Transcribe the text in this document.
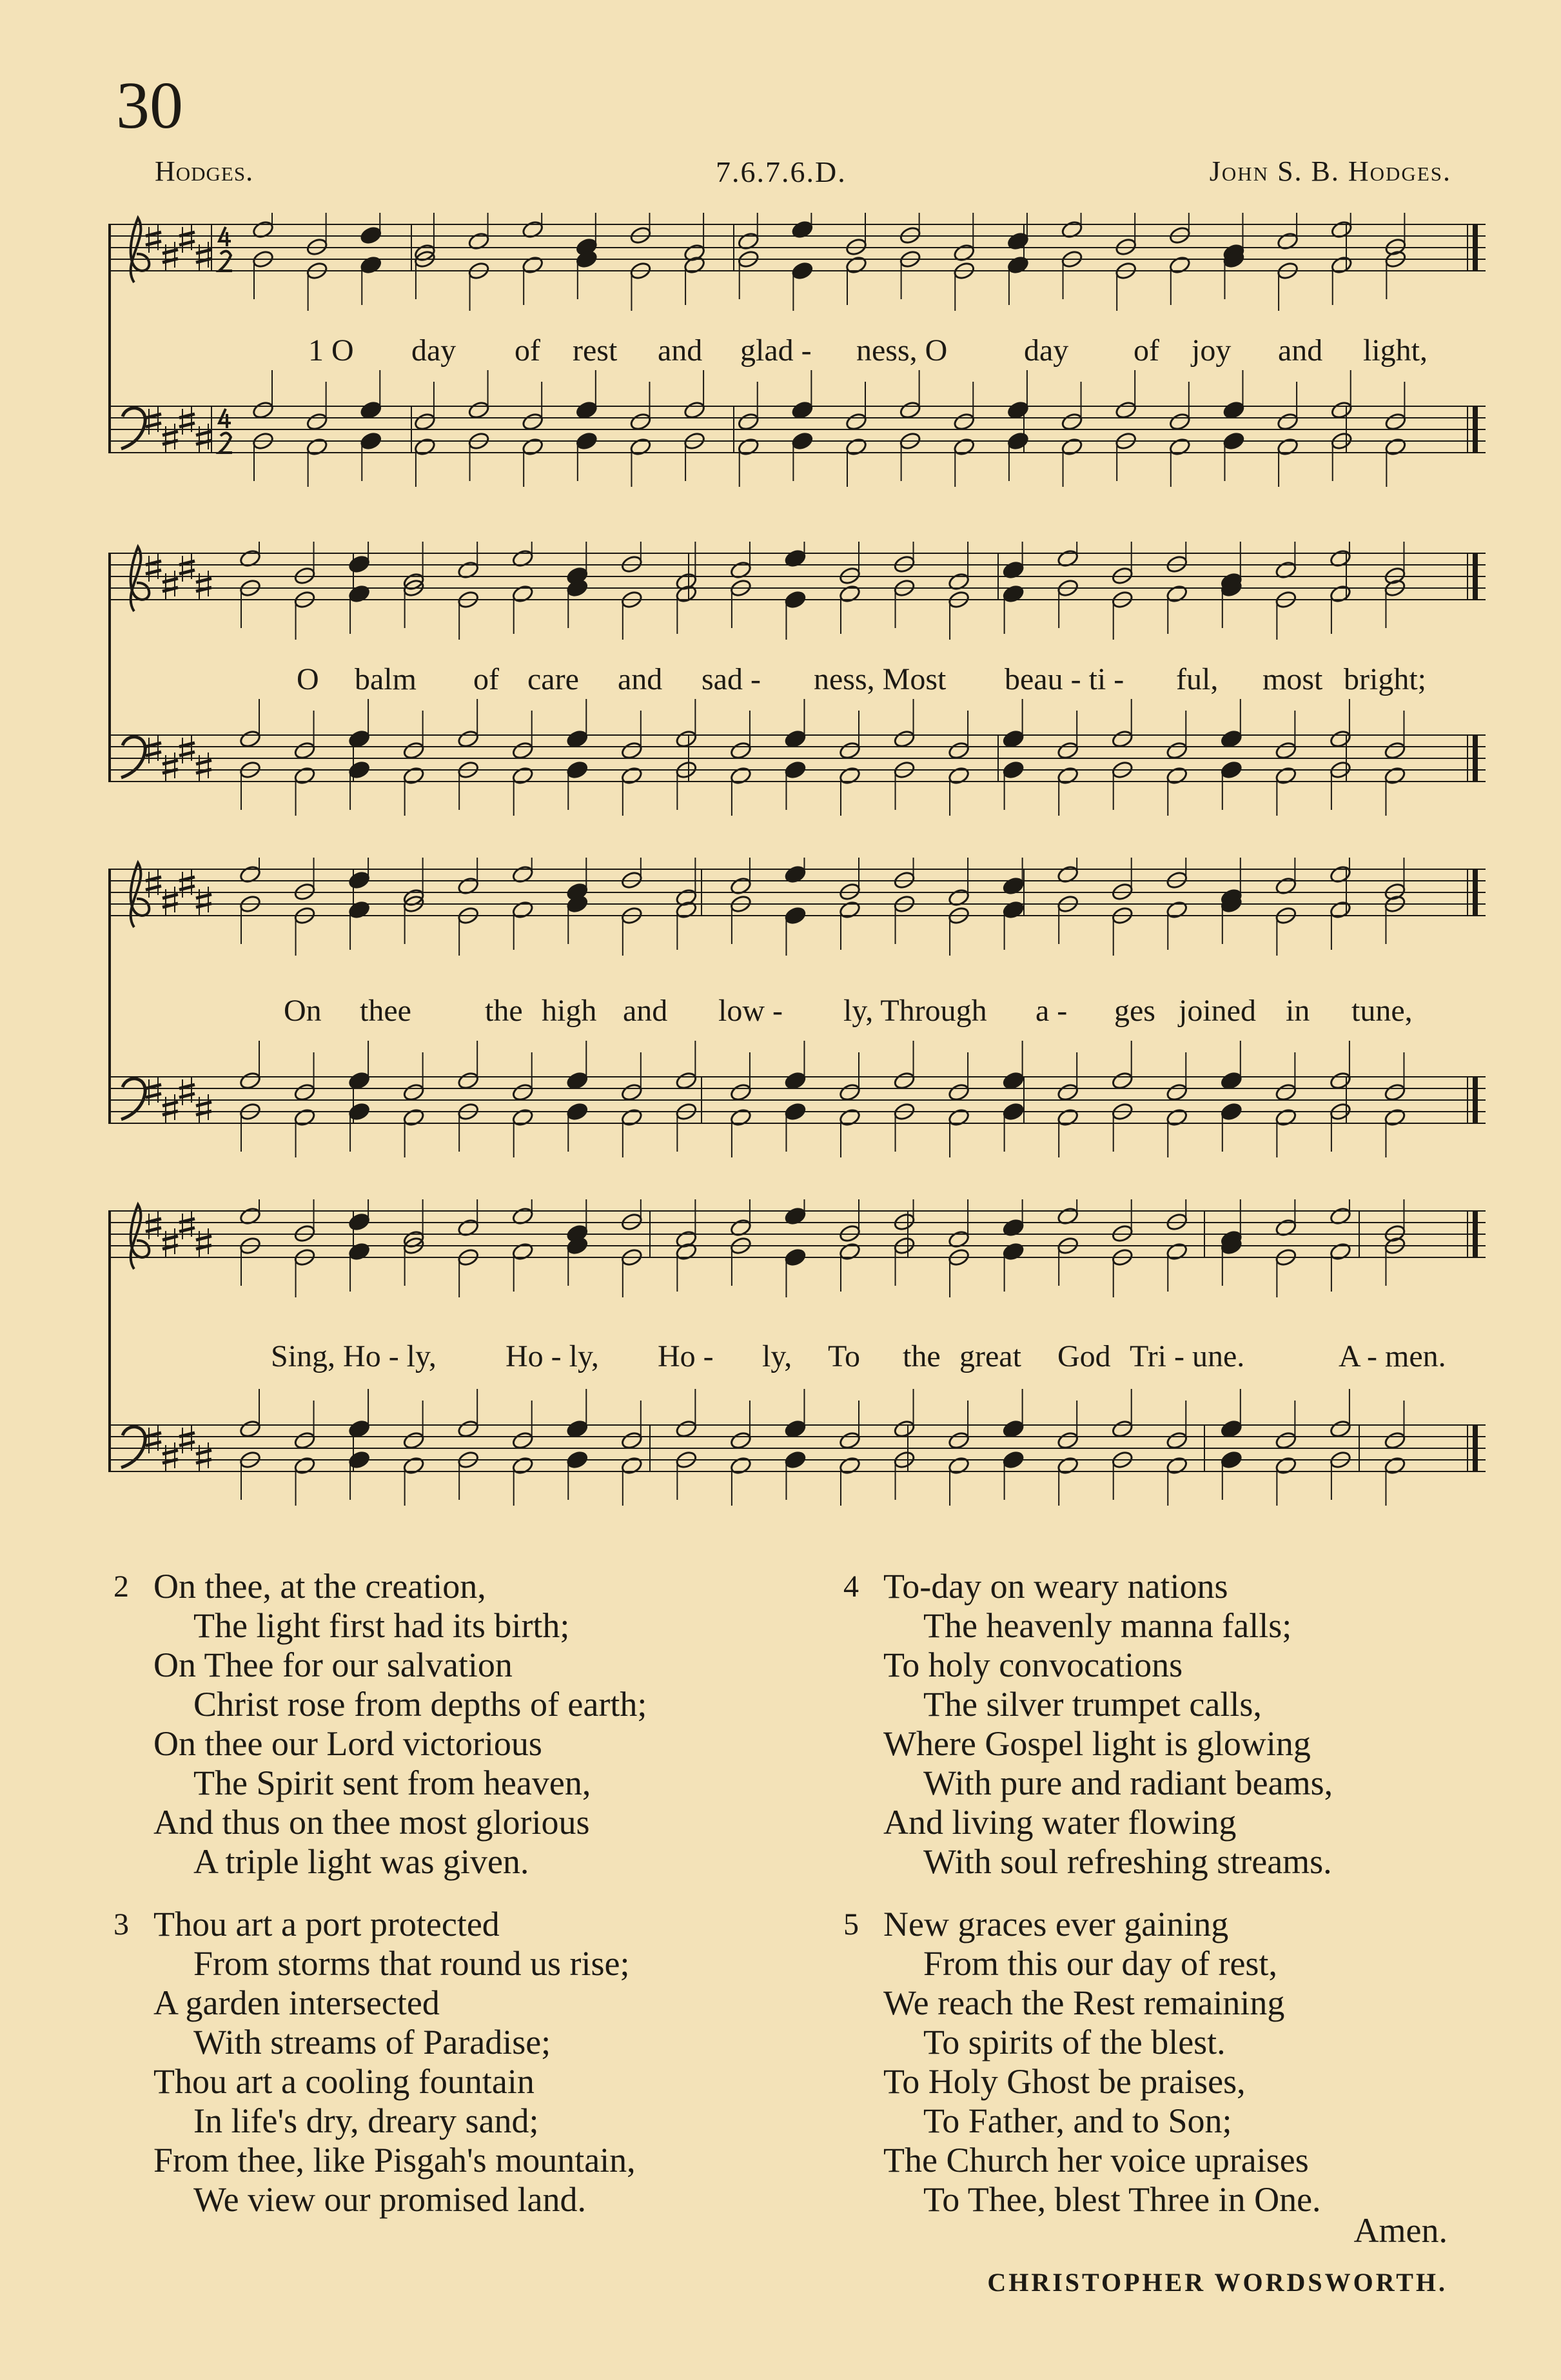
30
Hodges.	7.6.7.6.D.	John S. B. Hodges.
1 O day of rest and glad - ness, O day of joy and light,
O balm of care and sad - ness, Most beau - ti - ful, most bright;
On thee the high and low - ly, Through a - ges joined in tune,
Sing, Ho - ly, Ho - ly, Ho - ly, To the great God Tri - une.	A - men.
2 On thee, at the creation,
The light first had its birth;
On Thee for our salvation
Christ rose from depths of earth;
On thee our Lord victorious
The Spirit sent from heaven,
And thus on thee most glorious
A triple light was given.
3 Thou art a port protected
From storms that round us rise;
A garden intersected
With streams of Paradise;
Thou art a cooling fountain
In life's dry, dreary sand;
From thee, like Pisgah's mountain,
We view our promised land.
4 To-day on weary nations
The heavenly manna falls;
To holy convocations
The silver trumpet calls,
Where Gospel light is glowing
With pure and radiant beams,
And living water flowing
With soul refreshing streams.
5 New graces ever gaining
From this our day of rest,
We reach the Rest remaining
To spirits of the blest.
To Holy Ghost be praises,
To Father, and to Son;
The Church her voice upraises
To Thee, blest Three in One.
Amen.
CHRISTOPHER WORDSWORTH.
